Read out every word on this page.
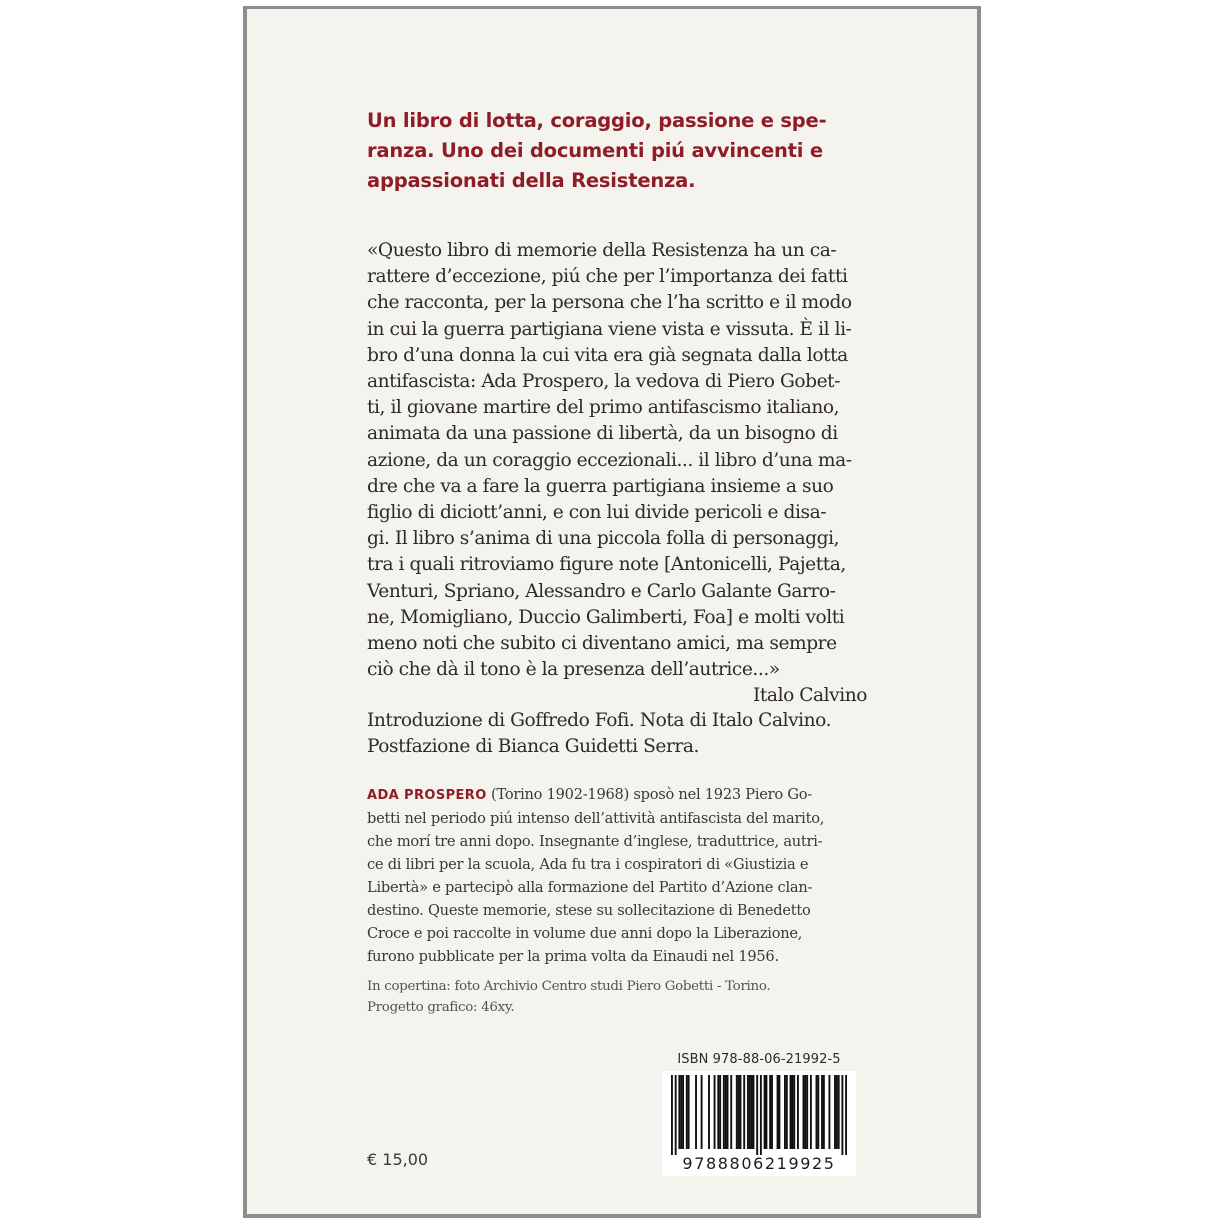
Un libro di lotta, coraggio, passione e spe-
ranza. Uno dei documenti piú avvincenti e
appassionati della Resistenza.
«Questo libro di memorie della Resistenza ha un ca-
rattere d’eccezione, piú che per l’importanza dei fatti
che racconta, per la persona che l’ha scritto e il modo
in cui la guerra partigiana viene vista e vissuta. È il li-
bro d’una donna la cui vita era già segnata dalla lotta
antifascista: Ada Prospero, la vedova di Piero Gobet-
ti, il giovane martire del primo antifascismo italiano,
animata da una passione di libertà, da un bisogno di
azione, da un coraggio eccezionali... il libro d’una ma-
dre che va a fare la guerra partigiana insieme a suo
figlio di diciott’anni, e con lui divide pericoli e disa-
gi. Il libro s’anima di una piccola folla di personaggi,
tra i quali ritroviamo figure note [Antonicelli, Pajetta,
Venturi, Spriano, Alessandro e Carlo Galante Garro-
ne, Momigliano, Duccio Galimberti, Foa] e molti volti
meno noti che subito ci diventano amici, ma sempre
ciò che dà il tono è la presenza dell’autrice...»
Italo Calvino
Introduzione di Goffredo Fofi. Nota di Italo Calvino.
Postfazione di Bianca Guidetti Serra.
ADA PROSPERO (Torino 1902-1968) sposò nel 1923 Piero Go-
betti nel periodo piú intenso dell’attività antifascista del marito,
che morí tre anni dopo. Insegnante d’inglese, traduttrice, autri-
ce di libri per la scuola, Ada fu tra i cospiratori di «Giustizia e
Libertà» e partecipò alla formazione del Partito d’Azione clan-
destino. Queste memorie, stese su sollecitazione di Benedetto
Croce e poi raccolte in volume due anni dopo la Liberazione,
furono pubblicate per la prima volta da Einaudi nel 1956.
In copertina: foto Archivio Centro studi Piero Gobetti - Torino.
Progetto grafico: 46xy.
ISBN 978-88-06-21992-5
9788806219925
€ 15,00
